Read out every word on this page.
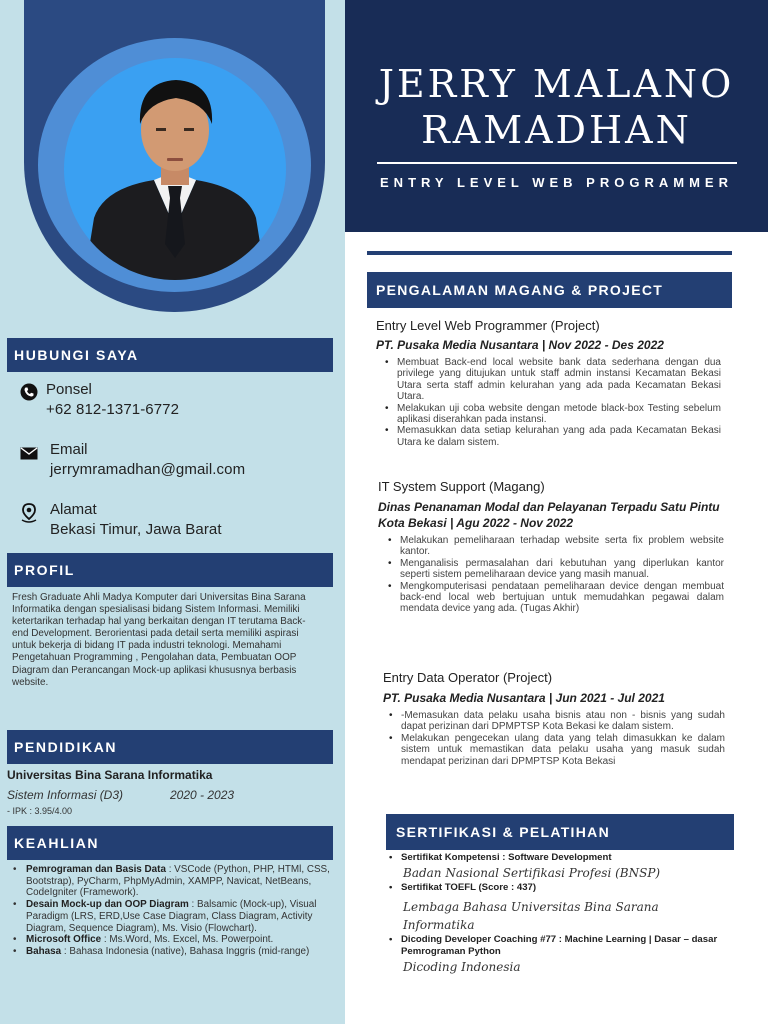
HUBUNGI SAYA
Ponsel
+62 812-1371-6772
Email
jerrymramadhan@gmail.com
Alamat
Bekasi Timur, Jawa Barat
PROFIL
Fresh Graduate Ahli Madya Komputer dari Universitas Bina Sarana Informatika dengan spesialisasi bidang Sistem Informasi. Memiliki ketertarikan terhadap hal yang berkaitan dengan IT terutama Back-end Development. Berorientasi pada detail serta memiliki aspirasi untuk bekerja di bidang IT pada industri teknologi. Memahami Pengetahuan Programming , Pengolahan data, Pembuatan OOP Diagram dan Perancangan Mock-up aplikasi khususnya berbasis website.
PENDIDIKAN
Universitas Bina Sarana Informatika
Sistem Informasi (D3)	2020 - 2023
- IPK : 3.95/4.00
KEAHLIAN
• Pemrograman dan Basis Data : VSCode (Python, PHP, HTMl, CSS, Bootstrap), PyCharm, PhpMyAdmin, XAMPP, Navicat, NetBeans, CodeIgniter (Framework).
• Desain Mock-up dan OOP Diagram : Balsamic (Mock-up), Visual Paradigm (LRS, ERD,Use Case Diagram, Class Diagram, Activity Diagram, Sequence Diagram), Ms. Visio (Flowchart).
• Microsoft Office : Ms.Word, Ms. Excel, Ms. Powerpoint.
• Bahasa : Bahasa Indonesia (native), Bahasa Inggris (mid-range)
JERRY MALANO
RAMADHAN
ENTRY LEVEL WEB PROGRAMMER
PENGALAMAN MAGANG & PROJECT
Entry Level Web Programmer (Project)
PT. Pusaka Media Nusantara | Nov 2022 - Des 2022
• Membuat Back-end local website bank data sederhana dengan dua privilege yang ditujukan untuk staff admin instansi Kecamatan Bekasi Utara serta staff admin kelurahan yang ada pada Kecamatan Bekasi Utara.
• Melakukan uji coba website dengan metode black-box Testing sebelum aplikasi diserahkan pada instansi.
• Memasukkan data setiap kelurahan yang ada pada Kecamatan Bekasi Utara ke dalam sistem.
IT System Support (Magang)
Dinas Penanaman Modal dan Pelayanan Terpadu Satu Pintu Kota Bekasi | Agu 2022 - Nov 2022
• Melakukan pemeliharaan terhadap website serta fix problem website kantor.
• Menganalisis permasalahan dari kebutuhan yang diperlukan kantor seperti sistem pemeliharaan device yang masih manual.
• Mengkomputerisasi pendataan pemeliharaan device dengan membuat back-end local web bertujuan untuk memudahkan pegawai dalam mendata device yang ada. (Tugas Akhir)
Entry Data Operator (Project)
PT. Pusaka Media Nusantara | Jun 2021 - Jul 2021
• -Memasukan data pelaku usaha bisnis atau non - bisnis yang sudah dapat perizinan dari DPMPTSP Kota Bekasi ke dalam sistem.
• Melakukan pengecekan ulang data yang telah dimasukkan ke dalam sistem untuk memastikan data pelaku usaha yang masuk sudah mendapat perizinan dari DPMPTSP Kota Bekasi
SERTIFIKASI & PELATIHAN
• Sertifikat Kompetensi : Software Development
Badan Nasional Sertifikasi Profesi (BNSP)
• Sertifikat TOEFL (Score : 437)
Lembaga Bahasa Universitas Bina Sarana Informatika
• Dicoding Developer Coaching #77 : Machine Learning | Dasar – dasar Pemrograman Python
Dicoding Indonesia
